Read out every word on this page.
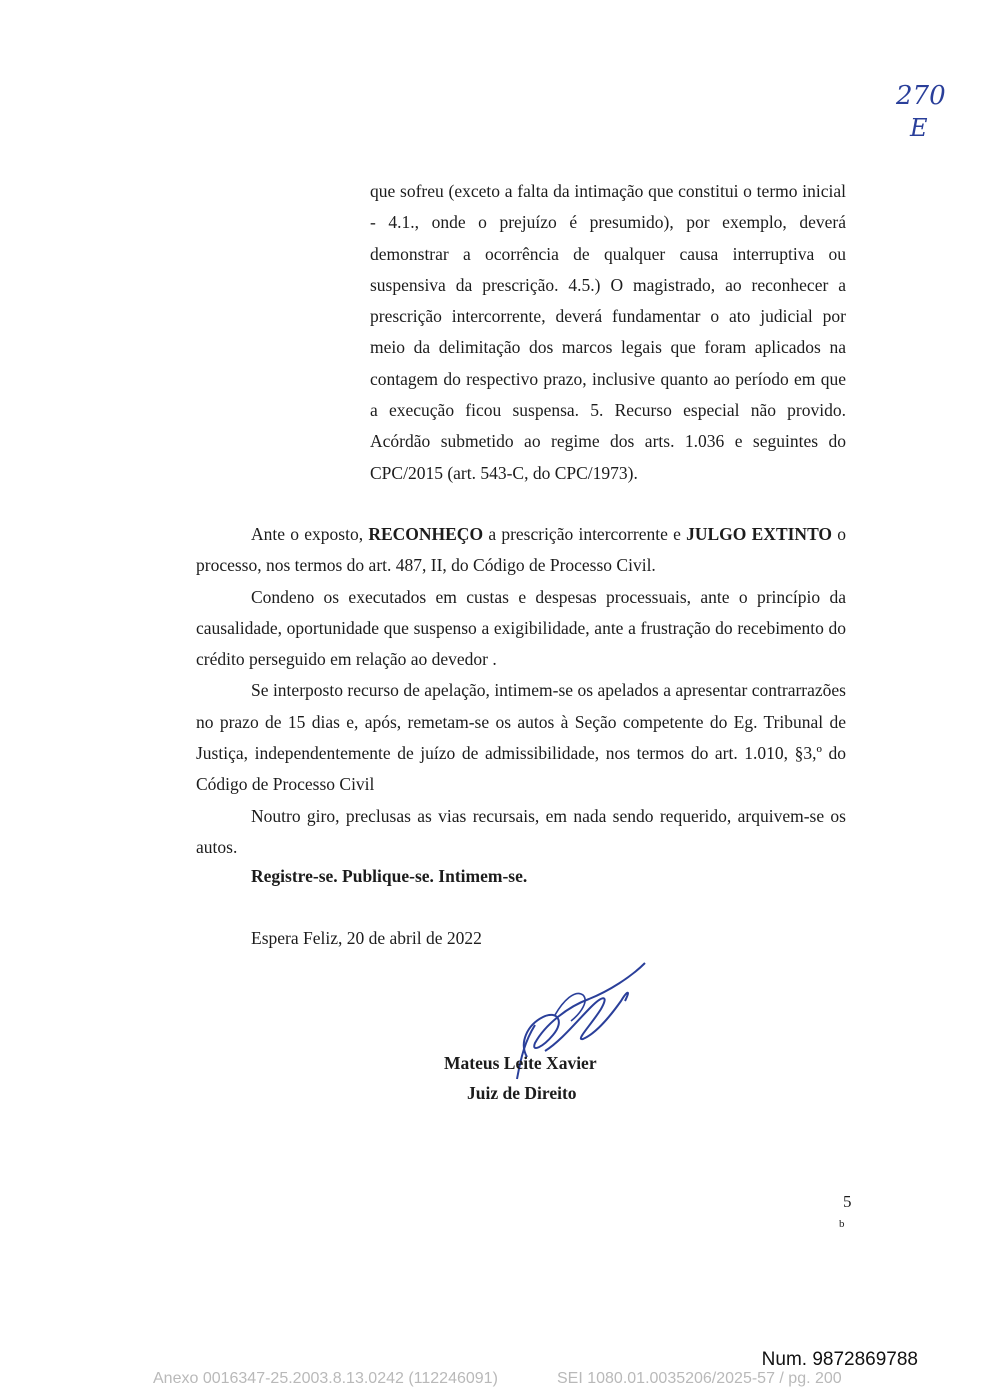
270
E

que sofreu (exceto a falta da intimação que constitui o termo inicial - 4.1., onde o prejuízo é presumido), por exemplo, deverá demonstrar a ocorrência de qualquer causa interruptiva ou suspensiva da prescrição. 4.5.) O magistrado, ao reconhecer a prescrição intercorrente, deverá fundamentar o ato judicial por meio da delimitação dos marcos legais que foram aplicados na contagem do respectivo prazo, inclusive quanto ao período em que a execução ficou suspensa. 5. Recurso especial não provido. Acórdão submetido ao regime dos arts. 1.036 e seguintes do CPC/2015 (art. 543-C, do CPC/1973).

Ante o exposto, RECONHEÇO a prescrição intercorrente e JULGO EXTINTO o processo, nos termos do art. 487, II, do Código de Processo Civil.

Condeno os executados em custas e despesas processuais, ante o princípio da causalidade, oportunidade que suspenso a exigibilidade, ante a frustração do recebimento do crédito perseguido em relação ao devedor .

Se interposto recurso de apelação, intimem-se os apelados a apresentar contrarrazões no prazo de 15 dias e, após, remetam-se os autos à Seção competente do Eg. Tribunal de Justiça, independentemente de juízo de admissibilidade, nos termos do art. 1.010, §3,º do Código de Processo Civil

Noutro giro, preclusas as vias recursais, em nada sendo requerido, arquivem-se os autos.

Registre-se. Publique-se. Intimem-se.
Espera Feliz, 20 de abril de 2022
Mateus Leite Xavier
Juiz de Direito
5
b
Num. 9872869788
Anexo 0016347-25.2003.8.13.0242 (112246091)	SEI 1080.01.0035206/2025-57 / pg. 200
